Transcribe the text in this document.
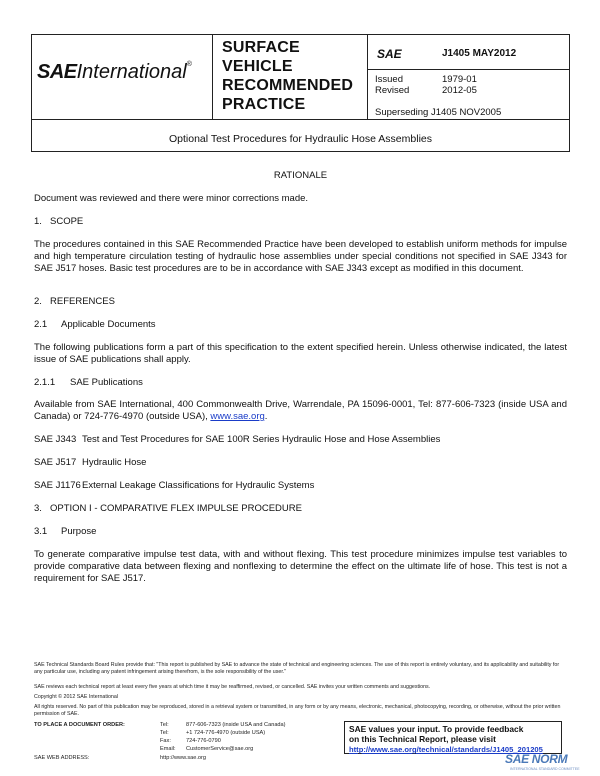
SAEInternational®
SURFACE
VEHICLE
RECOMMENDED
PRACTICE
SAE	J1405 MAY2012
Issued	1979-01
Revised	2012-05
Superseding J1405 NOV2005
Optional Test Procedures for Hydraulic Hose Assemblies
RATIONALE
Document was reviewed and there were minor corrections made.
1. SCOPE
The procedures contained in this SAE Recommended Practice have been developed to establish uniform methods for impulse and high temperature circulation testing of hydraulic hose assemblies under special conditions not specified in SAE J343 for SAE J517 hoses. Basic test procedures are to be in accordance with SAE J343 except as modified in this document.
2. REFERENCES
2.1 Applicable Documents
The following publications form a part of this specification to the extent specified herein. Unless otherwise indicated, the latest issue of SAE publications shall apply.
2.1.1 SAE Publications
Available from SAE International, 400 Commonwealth Drive, Warrendale, PA 15096-0001, Tel: 877-606-7323 (inside USA and Canada) or 724-776-4970 (outside USA), www.sae.org.
SAE J343 Test and Test Procedures for SAE 100R Series Hydraulic Hose and Hose Assemblies
SAE J517 Hydraulic Hose
SAE J1176 External Leakage Classifications for Hydraulic Systems
3. OPTION I - COMPARATIVE FLEX IMPULSE PROCEDURE
3.1 Purpose
To generate comparative impulse test data, with and without flexing. This test procedure minimizes impulse test variables to provide comparative data between flexing and nonflexing to determine the effect on the ultimate life of hose. This test is not a requirement for SAE J517.
SAE Technical Standards Board Rules provide that: "This report is published by SAE to advance the state of technical and engineering sciences. The use of this report is entirely voluntary, and its applicability and suitability for any particular use, including any patent infringement arising therefrom, is the sole responsibility of the user."
SAE reviews each technical report at least every five years at which time it may be reaffirmed, revised, or cancelled. SAE invites your written comments and suggestions.
Copyright © 2012 SAE International
All rights reserved. No part of this publication may be reproduced, stored in a retrieval system or transmitted, in any form or by any means, electronic, mechanical, photocopying, recording, or otherwise, without the prior written permission of SAE.
TO PLACE A DOCUMENT ORDER:	Tel:	877-606-7323 (inside USA and Canada)
Tel:	+1 724-776-4970 (outside USA)
Fax:	724-776-0790
Email: CustomerService@sae.org
SAE WEB ADDRESS:	http://www.sae.org
SAE values your input. To provide feedback
on this Technical Report, please visit
http://www.sae.org/technical/standards/J1405_201205
SAE NORM
INTERNATIONAL STANDARD COMMITTEE
